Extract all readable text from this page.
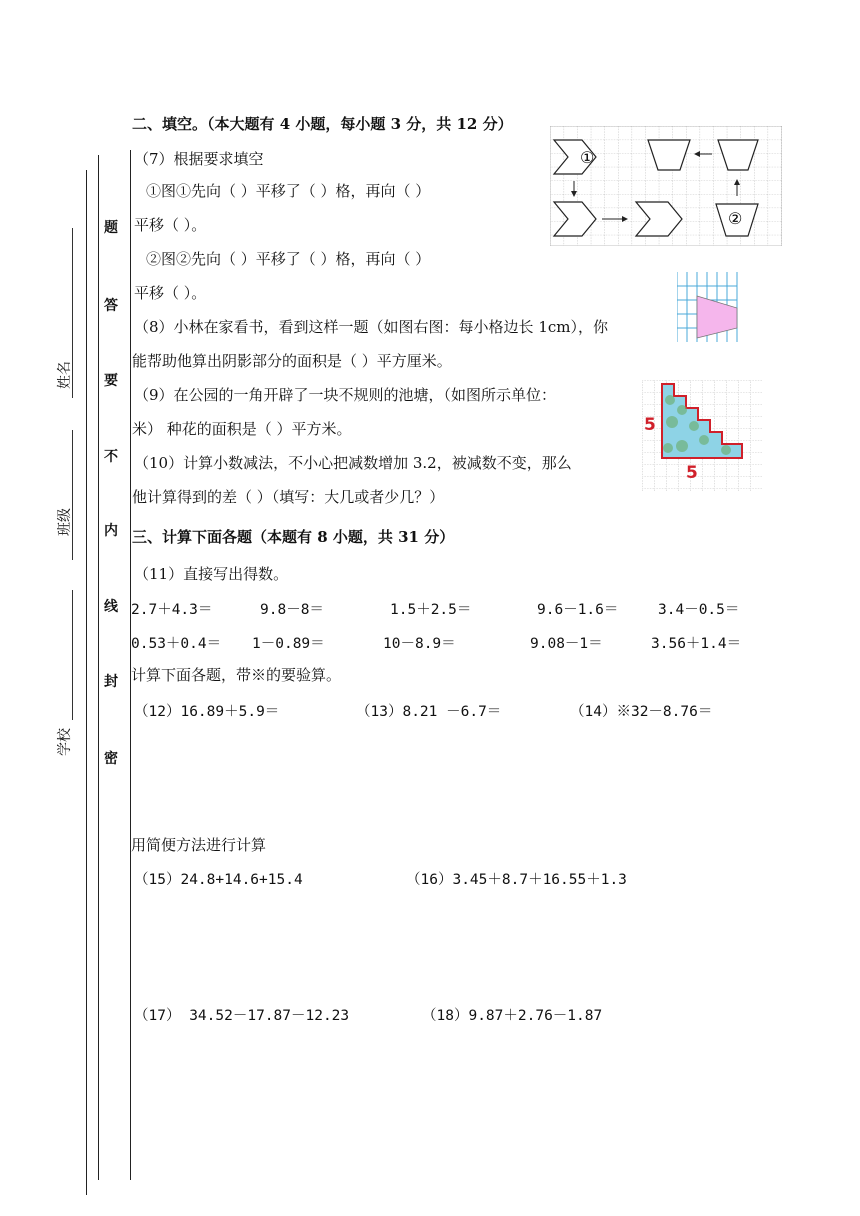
姓名
班级
学校
题
答
要
不
内
线
封
密
二、填空。（本大题有 4 小题，每小题 3 分，共 12 分）
（7）根据要求填空
①图①先向（ ）平移了（ ）格，再向（ ）
平移（ ）。
②图②先向（ ）平移了（ ）格，再向（ ）
平移（ ）。
①
②
（8）小林在家看书，看到这样一题（如图右图：每小格边长 1cm），你
能帮助他算出阴影部分的面积是（ ）平方厘米。
（9）在公园的一角开辟了一块不规则的池塘，（如图所示单位：
米） 种花的面积是（ ）平方米。	5
5
（10）计算小数减法，不小心把减数增加 3.2，被减数不变，那么
他计算得到的差（ ）（填写：大几或者少几？）
三、计算下面各题（本题有 8 小题，共 31 分）
（11）直接写出得数。
2.7＋4.3＝	9.8－8＝	1.5＋2.5＝	9.6－1.6＝	3.4－0.5＝
0.53＋0.4＝ 1－0.89＝	10－8.9＝	9.08－1＝	3.56＋1.4＝
计算下面各题，带※的要验算。
（12）16.89＋5.9＝	（13）8.21 －6.7＝	（14）※32－8.76＝
用简便方法进行计算
（15）24.8+14.6+15.4	（16）3.45＋8.7＋16.55＋1.3
（17） 34.52－17.87－12.23	（18）9.87＋2.76－1.87
